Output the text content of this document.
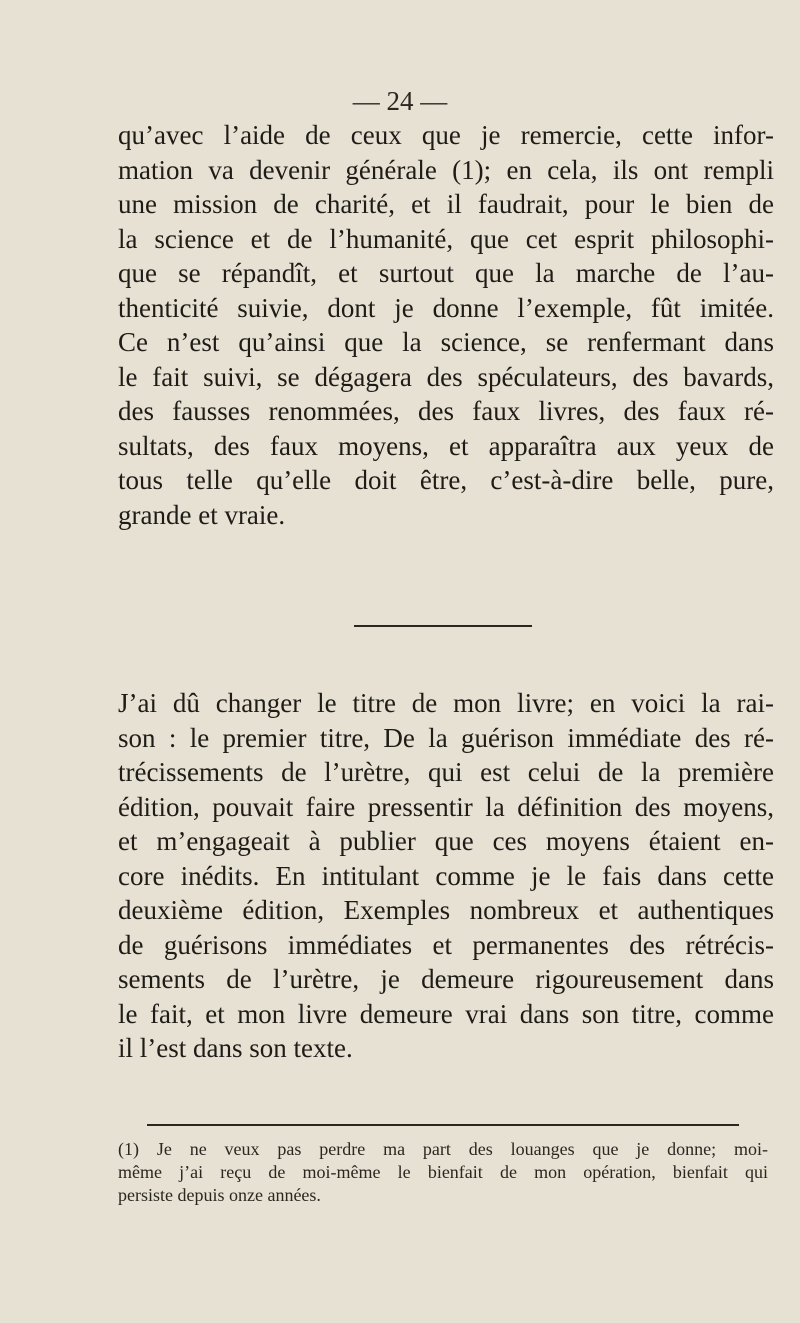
— 24 —
qu’avec l’aide de ceux que je remercie, cette infor-
mation va devenir générale (1); en cela, ils ont rempli
une mission de charité, et il faudrait, pour le bien de
la science et de l’humanité, que cet esprit philosophi-
que se répandît, et surtout que la marche de l’au-
thenticité suivie, dont je donne l’exemple, fût imitée.
Ce n’est qu’ainsi que la science, se renfermant dans
le fait suivi, se dégagera des spéculateurs, des bavards,
des fausses renommées, des faux livres, des faux ré-
sultats, des faux moyens, et apparaîtra aux yeux de
tous telle qu’elle doit être, c’est-à-dire belle, pure,
grande et vraie.
J’ai dû changer le titre de mon livre; en voici la rai-
son : le premier titre, De la guérison immédiate des ré-
trécissements de l’urètre, qui est celui de la première
édition, pouvait faire pressentir la définition des moyens,
et m’engageait à publier que ces moyens étaient en-
core inédits. En intitulant comme je le fais dans cette
deuxième édition, Exemples nombreux et authentiques
de guérisons immédiates et permanentes des rétrécis-
sements de l’urètre, je demeure rigoureusement dans
le fait, et mon livre demeure vrai dans son titre, comme
il l’est dans son texte.
(1) Je ne veux pas perdre ma part des louanges que je donne; moi-
même j’ai reçu de moi-même le bienfait de mon opération, bienfait qui
persiste depuis onze années.
